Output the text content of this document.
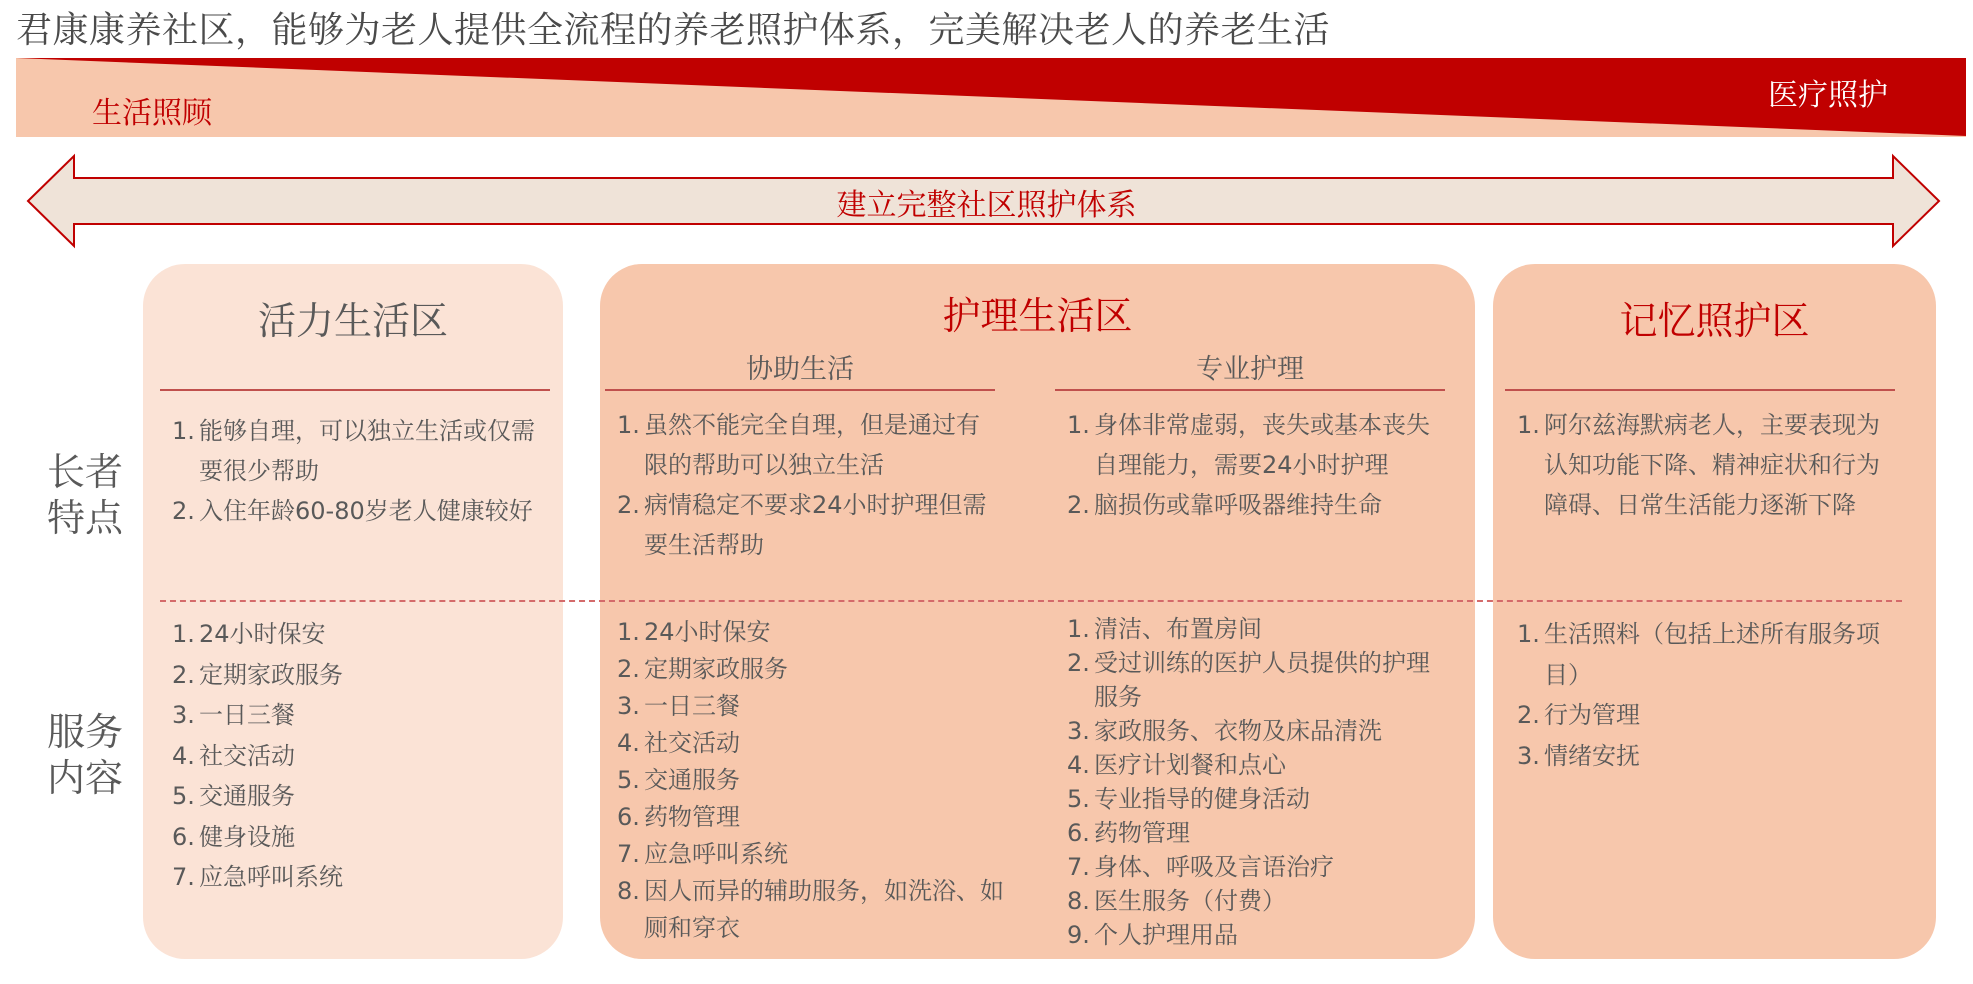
君康康养社区，能够为老人提供全流程的养老照护体系，完美解决老人的养老生活
生活照顾
医疗照护
建立完整社区照护体系
活力生活区	护理生活区	记忆照护区
协助生活	专业护理
长者
特点
服务
内容
1. 能够自理，可以独立生活或仅需要很少帮助
2. 入住年龄60-80岁老人健康较好
1. 虽然不能完全自理，但是通过有限的帮助可以独立生活
2. 病情稳定不要求24小时护理但需要生活帮助
1. 身体非常虚弱，丧失或基本丧失自理能力，需要24小时护理
2. 脑损伤或靠呼吸器维持生命
1. 阿尔兹海默病老人，主要表现为认知功能下降、精神症状和行为障碍、日常生活能力逐渐下降
1. 24小时保安
2. 定期家政服务
3. 一日三餐
4. 社交活动
5. 交通服务
6. 健身设施
7. 应急呼叫系统
1. 24小时保安
2. 定期家政服务
3. 一日三餐
4. 社交活动
5. 交通服务
6. 药物管理
7. 应急呼叫系统
8. 因人而异的辅助服务，如洗浴、如厕和穿衣
1. 清洁、布置房间
2. 受过训练的医护人员提供的护理服务
3. 家政服务、衣物及床品清洗
4. 医疗计划餐和点心
5. 专业指导的健身活动
6. 药物管理
7. 身体、呼吸及言语治疗
8. 医生服务（付费）
9. 个人护理用品
1. 生活照料（包括上述所有服务项目）
2. 行为管理
3. 情绪安抚
